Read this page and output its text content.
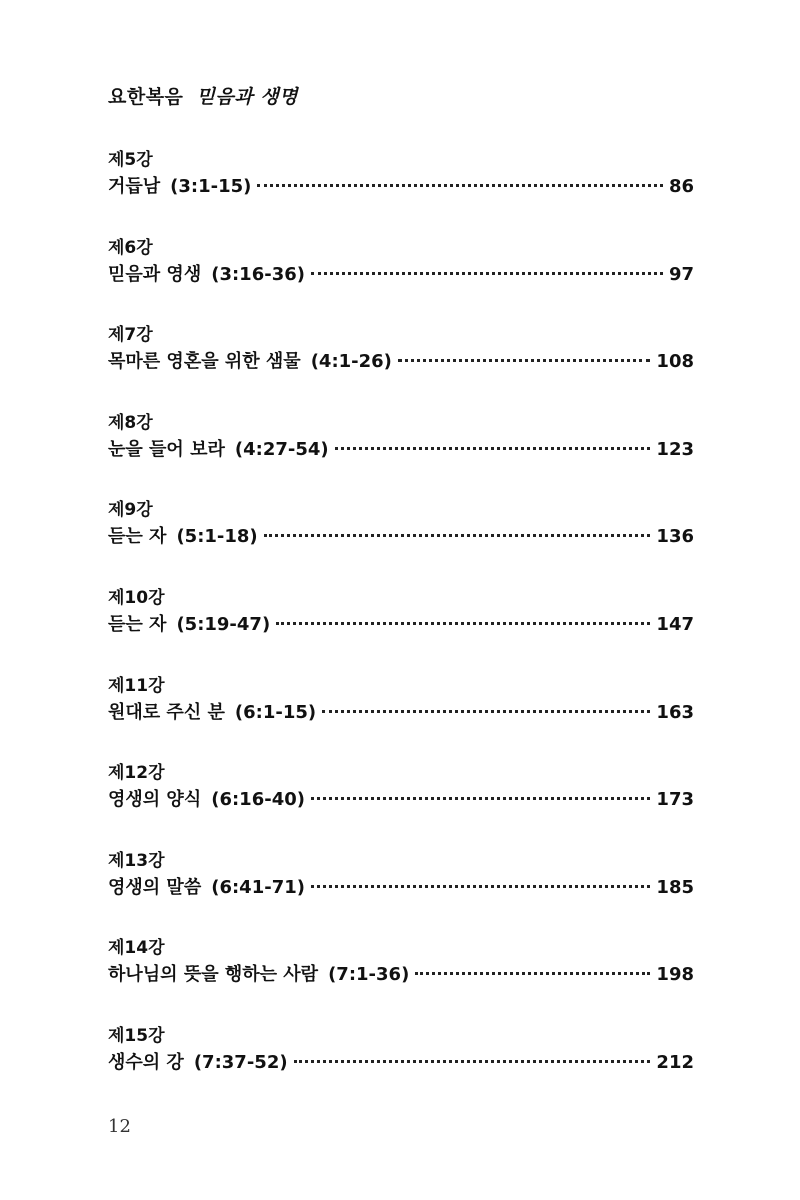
요한복음 믿음과 생명
제5강
거듭남 (3:1-15)	86
제6강
믿음과 영생 (3:16-36)	97
제7강
목마른 영혼을 위한 샘물 (4:1-26)	108
제8강
눈을 들어 보라 (4:27-54)	123
제9강
듣는 자 (5:1-18)	136
제10강
듣는 자 (5:19-47)	147
제11강
원대로 주신 분 (6:1-15)	163
제12강
영생의 양식 (6:16-40)	173
제13강
영생의 말씀 (6:41-71)	185
제14강
하나님의 뜻을 행하는 사람 (7:1-36)	198
제15강
생수의 강 (7:37-52)	212
12
